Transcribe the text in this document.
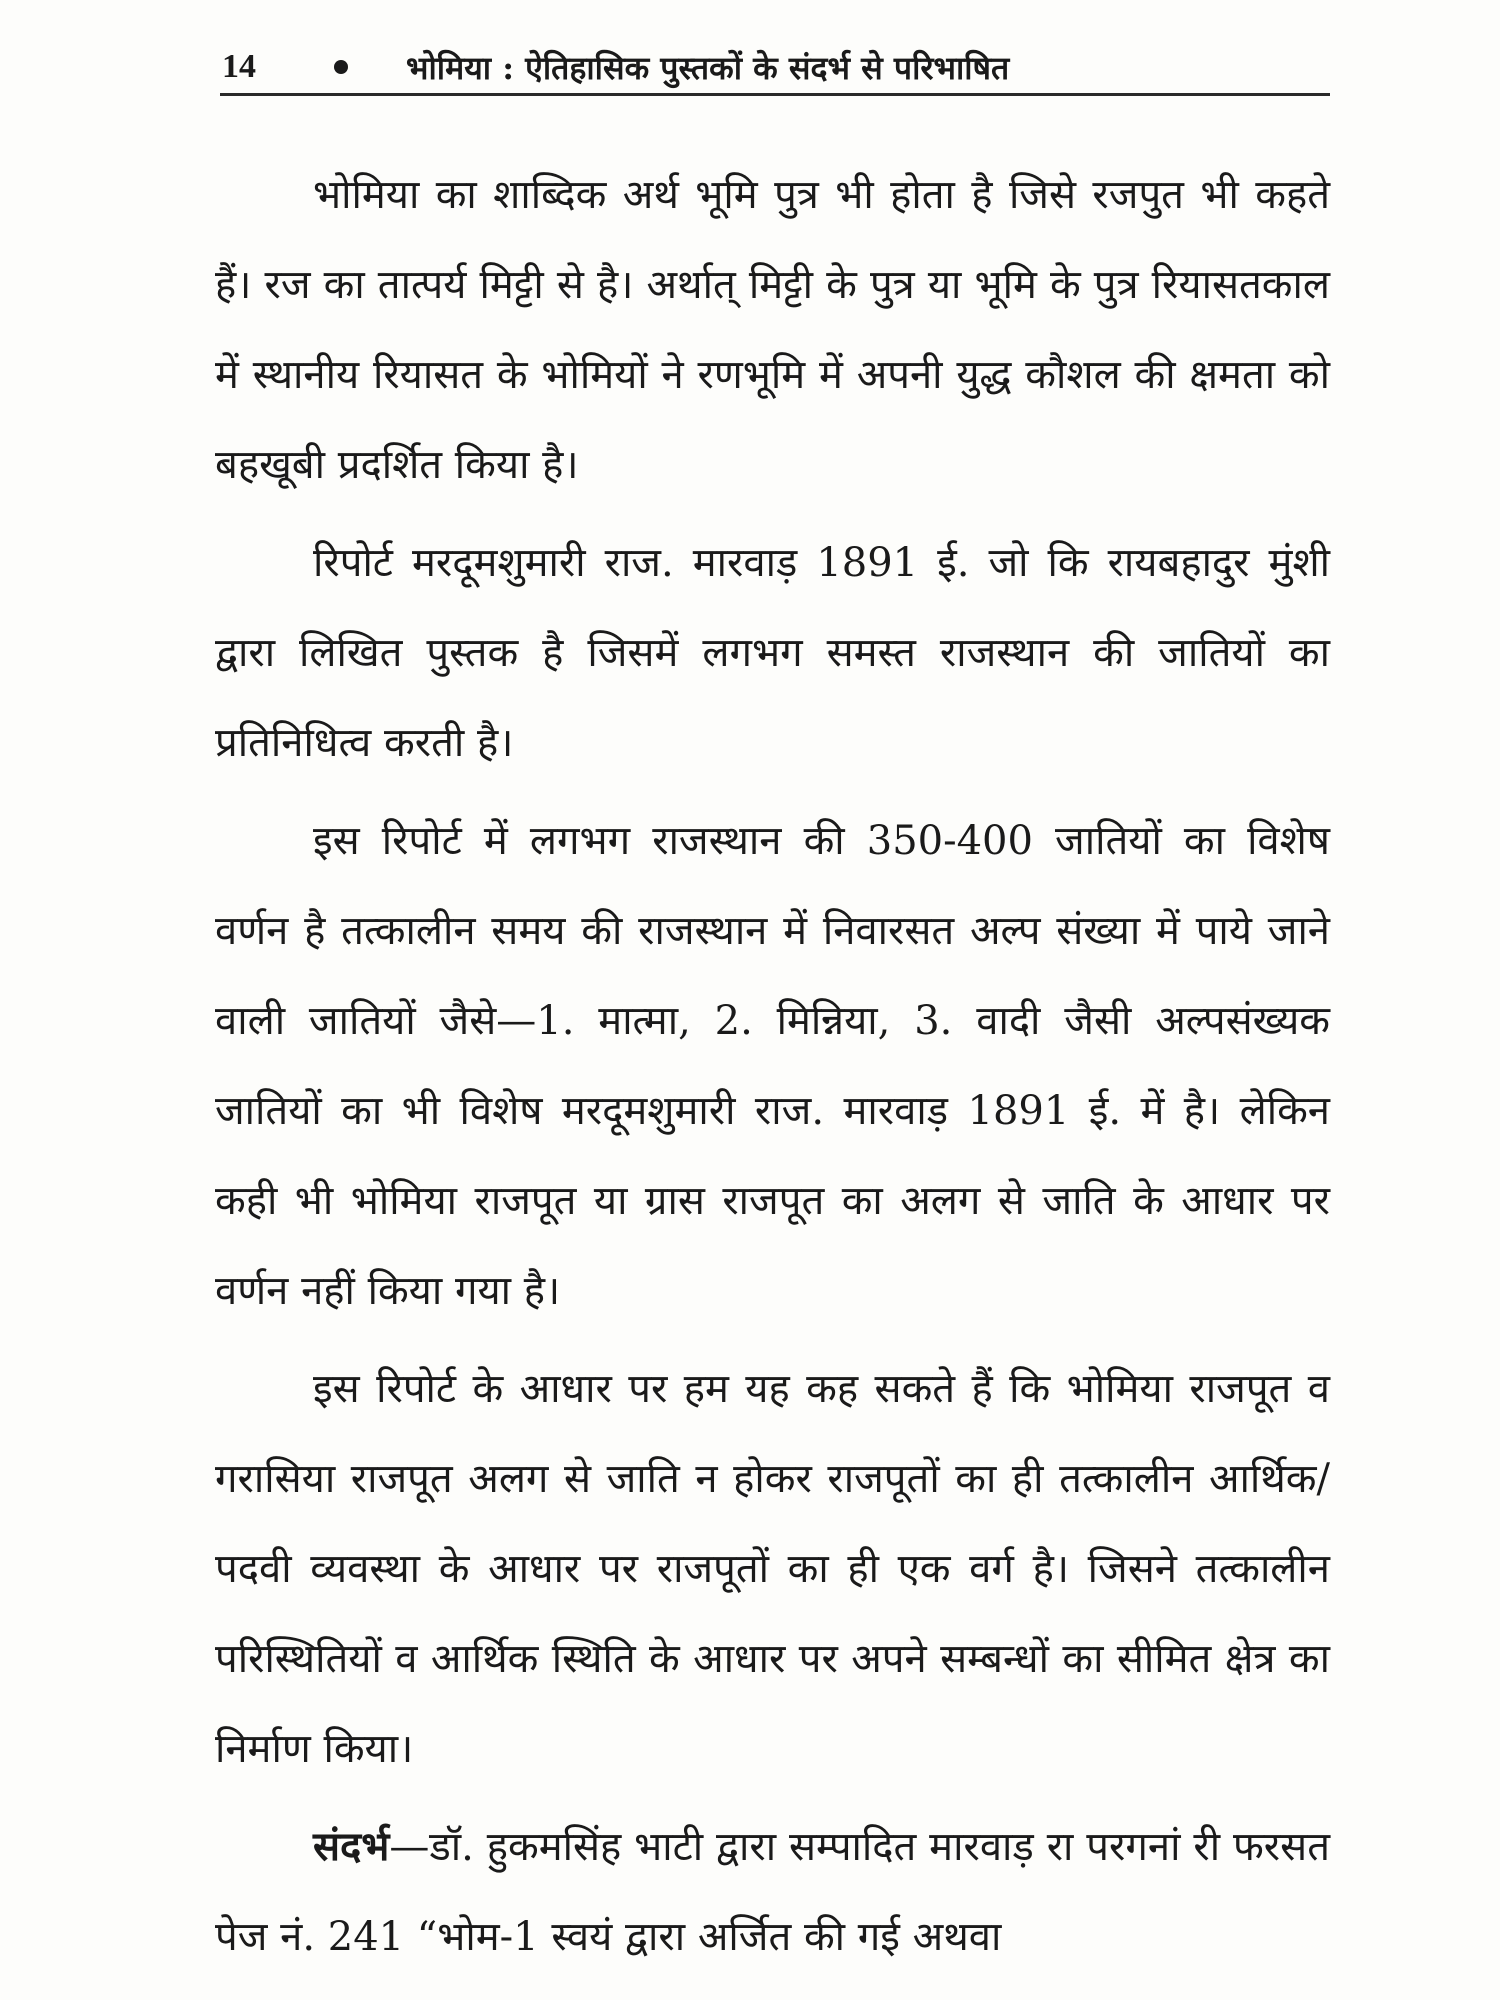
14	भोमिया : ऐतिहासिक पुस्तकों के संदर्भ से परिभाषित

भोमिया का शाब्दिक अर्थ भूमि पुत्र भी होता है जिसे रजपुत भी कहते हैं। रज का तात्पर्य मिट्टी से है। अर्थात् मिट्टी के पुत्र या भूमि के पुत्र रियासतकाल में स्थानीय रियासत के भोमियों ने रणभूमि में अपनी युद्ध कौशल की क्षमता को बहखूबी प्रदर्शित किया है।

रिपोर्ट मरदूमशुमारी राज. मारवाड़ 1891 ई. जो कि रायबहादुर मुंशी द्वारा लिखित पुस्तक है जिसमें लगभग समस्त राजस्थान की जातियों का प्रतिनिधित्व करती है।

इस रिपोर्ट में लगभग राजस्थान की 350-400 जातियों का विशेष वर्णन है तत्कालीन समय की राजस्थान में निवारसत अल्प संख्या में पाये जाने वाली जातियों जैसे—1. मात्मा, 2. मिन्निया, 3. वादी जैसी अल्पसंख्यक जातियों का भी विशेष मरदूमशुमारी राज. मारवाड़ 1891 ई. में है। लेकिन कही भी भोमिया राजपूत या ग्रास राजपूत का अलग से जाति के आधार पर वर्णन नहीं किया गया है।

इस रिपोर्ट के आधार पर हम यह कह सकते हैं कि भोमिया राजपूत व गरासिया राजपूत अलग से जाति न होकर राजपूतों का ही तत्कालीन आर्थिक/पदवी व्यवस्था के आधार पर राजपूतों का ही एक वर्ग है। जिसने तत्कालीन परिस्थितियों व आर्थिक स्थिति के आधार पर अपने सम्बन्धों का सीमित क्षेत्र का निर्माण किया।

संदर्भ—डॉ. हुकमसिंह भाटी द्वारा सम्पादित मारवाड़ रा परगनां री फरसत पेज नं. 241 “भोम-1 स्वयं द्वारा अर्जित की गई अथवा
